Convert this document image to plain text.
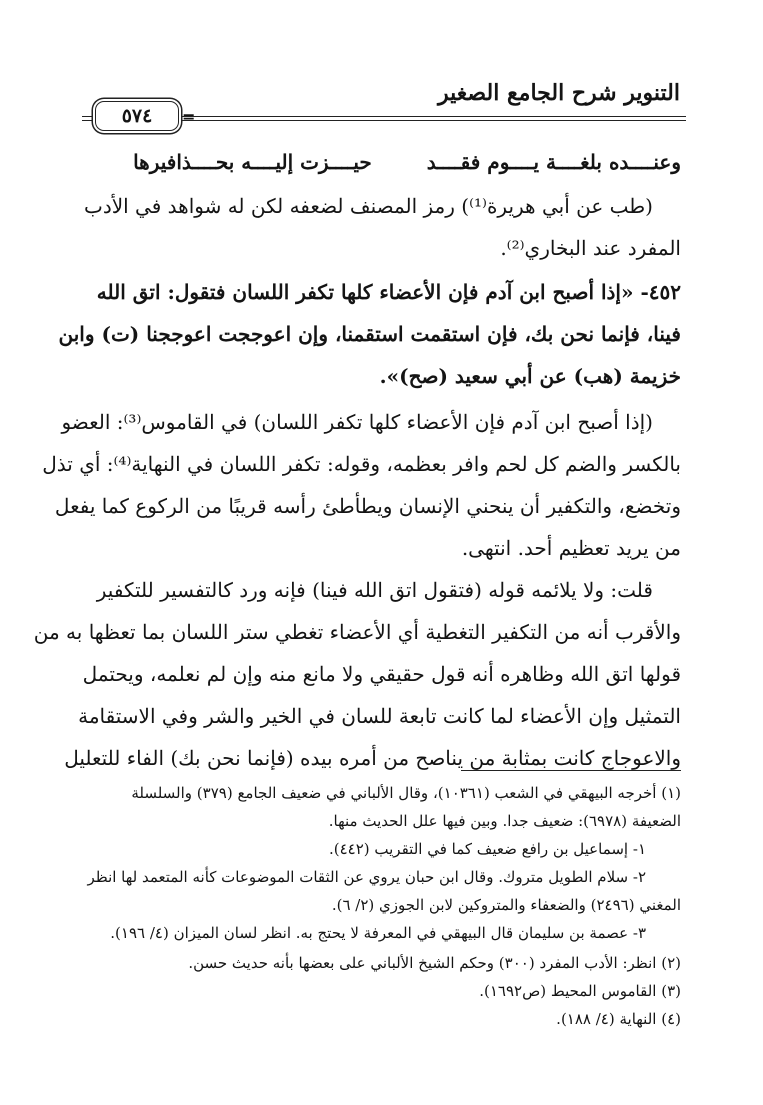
التنوير شرح الجامع الصغير
٥٧٤ =
وعنــــده بلغــــة يــــوم فقــــد  حيــــزت إليــــه بحــــذافيرها
(طب عن أبي هريرة⁽¹⁾) رمز المصنف لضعفه لكن له شواهد في الأدب
المفرد عند البخاري⁽²⁾.
٤٥٢- «إذا أصبح ابن آدم فإن الأعضاء كلها تكفر اللسان فتقول: اتق الله
فينا، فإنما نحن بك، فإن استقمت استقمنا، وإن اعوججت اعوججنا (ت) وابن
خزيمة (هب) عن أبي سعيد (صح)».
(إذا أصبح ابن آدم فإن الأعضاء كلها تكفر اللسان) في القاموس⁽³⁾: العضو
بالكسر والضم كل لحم وافر بعظمه، وقوله: تكفر اللسان في النهاية⁽⁴⁾: أي تذل
وتخضع، والتكفير أن ينحني الإنسان ويطأطئ رأسه قريبًا من الركوع كما يفعل
من يريد تعظيم أحد. انتهى.
قلت: ولا يلائمه قوله (فتقول اتق الله فينا) فإنه ورد كالتفسير للتكفير
والأقرب أنه من التكفير التغطية أي الأعضاء تغطي ستر اللسان بما تعظها به من
قولها اتق الله وظاهره أنه قول حقيقي ولا مانع منه وإن لم نعلمه، ويحتمل
التمثيل وإن الأعضاء لما كانت تابعة للسان في الخير والشر وفي الاستقامة
والاعوجاج كانت بمثابة من يناصح من أمره بيده (فإنما نحن بك) الفاء للتعليل
(١) أخرجه البيهقي في الشعب (١٠٣٦١)، وقال الألباني في ضعيف الجامع (٣٧٩) والسلسلة
الضعيفة (٦٩٧٨): ضعيف جدا. وبين فيها علل الحديث منها.
١- إسماعيل بن رافع ضعيف كما في التقريب (٤٤٢).
٢- سلام الطويل متروك. وقال ابن حبان يروي عن الثقات الموضوعات كأنه المتعمد لها انظر
المغني (٢٤٩٦) والضعفاء والمتروكين لابن الجوزي (٢/ ٦).
٣- عصمة بن سليمان قال البيهقي في المعرفة لا يحتج به. انظر لسان الميزان (٤/ ١٩٦).
(٢) انظر: الأدب المفرد (٣٠٠) وحكم الشيخ الألباني على بعضها بأنه حديث حسن.
(٣) القاموس المحيط (ص١٦٩٢).
(٤) النهاية (٤/ ١٨٨).
